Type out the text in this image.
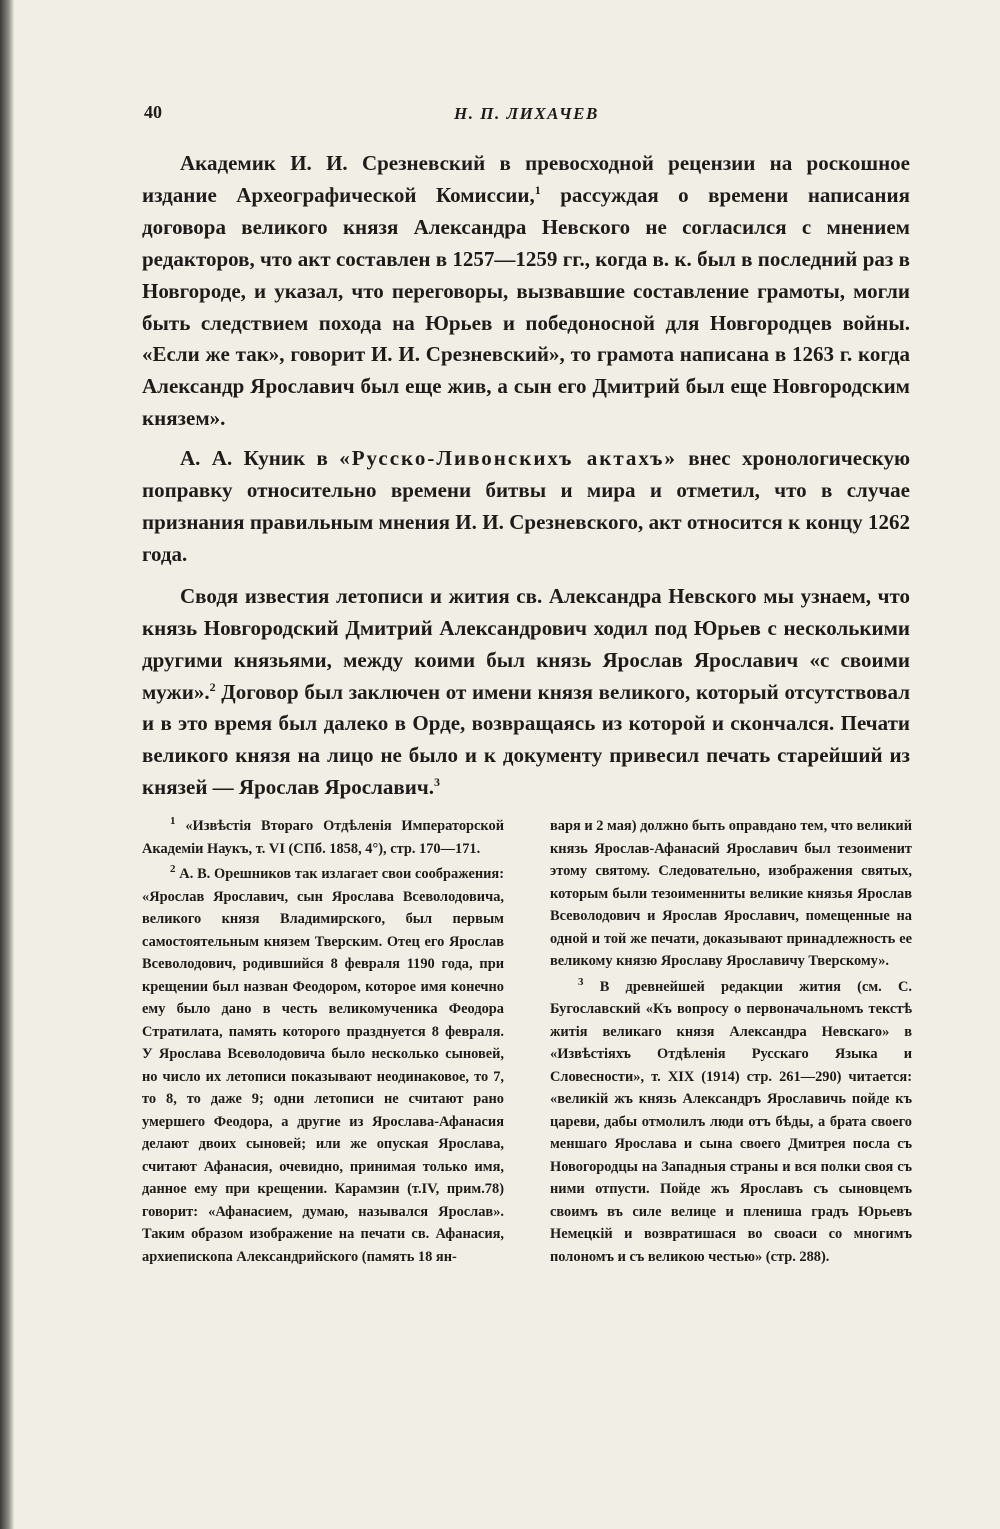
40	Н. П. ЛИХАЧЕВ

Академик И. И. Срезневский в превосходной рецензии на роскошное издание Археографической Комиссии,$^1$ рассуждая о времени написания договора великого князя Александра Невского не согласился с мнением редакторов, что акт составлен в 1257—1259 гг., когда в. к. был в последний раз в Новгороде, и указал, что переговоры, вызвавшие составление грамоты, могли быть следствием похода на Юрьев и победоносной для Новгородцев войны. «Если же так», говорит И. И. Срезневский», то грамота написана в 1263 г. когда Александр Ярославич был еще жив, а сын его Дмитрий был еще Новгородским князем».

А. А. Куник в «Русско-Ливонскихъ актахъ» внес хронологическую поправку относительно времени битвы и мира и отметил, что в случае признания правильным мнения И. И. Срезневского, акт относится к концу 1262 года.

Сводя известия летописи и жития св. Александра Невского мы узнаем, что князь Новгородский Дмитрий Александрович ходил под Юрьев с несколькими другими князьями, между коими был князь Ярослав Ярославич «с своими мужи».$^2$ Договор был заключен от имени князя великого, который отсутствовал и в это время был далеко в Орде, возвращаясь из которой и скончался. Печати великого князя на лицо не было и к документу привесил печать старейший из князей — Ярослав Ярославич.$^3$

$^1$ «Извѣстія Втораго Отдѣленія Императорской Академіи Наукъ, т. VI (СПб. 1858, 4°), стр. 170—171.

$^2$ А. В. Орешников так излагает свои соображения: «Ярослав Ярославич, сын Ярослава Всеволодовича, великого князя Владимирского, был первым самостоятельным князем Тверским. Отец его Ярослав Всеволодович, родившийся 8 февраля 1190 года, при крещении был назван Феодором, которое имя конечно ему было дано в честь великомученика Феодора Стратилата, память которого празднуется 8 февраля. У Ярослава Всеволодовича было несколько сыновей, но число их летописи показывают неодинаковое, то 7, то 8, то даже 9; одни летописи не считают рано умершего Феодора, а другие из Ярослава-Афанасия делают двоих сыновей; или же опуская Ярослава, считают Афанасия, очевидно, принимая только имя, данное ему при крещении. Карамзин (т.IV, прим.78) говорит: «Афанасием, думаю, назывался Ярослав». Таким образом изображение на печати св. Афанасия, архиепископа Александрийского (память 18 ян-

варя и 2 мая) должно быть оправдано тем, что великий князь Ярослав-Афанасий Ярославич был тезоименит этому святому. Следовательно, изображения святых, которым были тезоименниты великие князья Ярослав Всеволодович и Ярослав Ярославич, помещенные на одной и той же печати, доказывают принадлежность ее великому князю Ярославу Ярославичу Тверскому».

$^3$ В древнейшей редакции жития (см. С. Бугославский «Къ вопросу о первоначальномъ текстѣ житія великаго князя Александра Невскаго» в «Извѣстіяхъ Отдѣленія Русскаго Языка и Словесности», т. XIX (1914) стр. 261—290) читается: «великій жъ князь Александръ Ярославичь пойде къ цареви, дабы отмолилъ люди отъ бѣды, а брата своего меншаго Ярослава и сына своего Дмитрея посла съ Новогородцы на Западныя страны и вся полки своя съ ними отпусти. Пойде жъ Ярославъ съ сыновцемъ своимъ въ силе велице и плениша градъ Юрьевъ Немецкій и возвратишася во своаси со многимъ полономъ и съ великою честью» (стр. 288).
